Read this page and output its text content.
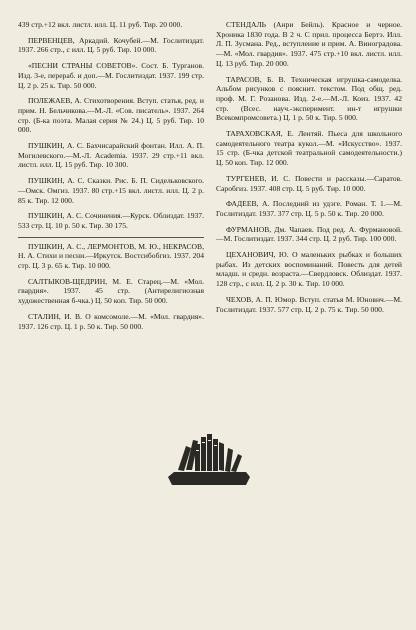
439 стр.+12 вкл. листл. илл. Ц. 11 руб. Тир. 20 000.

ПЕРВЕНЦЕВ, Аркадий. Кочубей.—М. Гослитиздат. 1937. 266 стр., с илл. Ц. 5 руб. Тир. 10 000.

«ПЕСНИ СТРАНЫ СОВЕТОВ». Сост. Б. Турганов. Изд. 3-е, перераб. и доп.—М. Гослитиздат. 1937. 199 стр. Ц. 2 р. 25 к. Тир. 50 000.

ПОЛЕЖАЕВ, А. Стихотворения. Вступ. статья, ред. и прим. Н. Бельчикова.—М.-Л. «Сов. писатель». 1937. 264 стр. (Б-ка поэта. Малая серия № 24.) Ц. 5 руб. Тир. 10 000.

ПУШКИН, А. С. Бахчисарайский фонтан. Илл. А. П. Могилевского.—М.-Л. Academia. 1937. 29 стр.+11 вкл. листл. илл. Ц. 15 руб. Тир. 10 300.

ПУШКИН, А. С. Сказки. Рис. Б. П. Сидельковского.—Омск. Омгиз. 1937. 80 стр.+15 вкл. листл. илл. Ц. 2 р. 85 к. Тир. 12 000.

ПУШКИН, А. С. Сочинения.—Курск. Облиздат. 1937. 533 стр. Ц. 10 р. 50 к. Тир. 30 175.

ПУШКИН, А. С., ЛЕРМОНТОВ, М. Ю., НЕКРАСОВ, Н. А. Стихи и песни.—Иркутск. Востсибобгиз. 1937. 204 стр. Ц. 3 р. 65 к. Тир. 10 000.

САЛТЫКОВ-ЩЕДРИН, М. Е. Старец.—М. «Мол. гвардия». 1937. 45 стр. (Антирелигиозная художественная б-чка.) Ц. 50 коп. Тир. 50 000.

СТАЛИН, И. В. О комсомоле.—М. «Мол. гвардия». 1937. 126 стр. Ц. 1 р. 50 к. Тир. 50 000.

СТЕНДАЛЬ (Анри Бейль). Красное и черное. Хроника 1830 года. В 2 ч. С прил. процесса Бертэ. Илл. Л. П. Зусмана. Ред., вступление и прим. А. Виноградова.—М. «Мол. гвардия». 1937. 475 стр.+10 вкл. листл. илл. Ц. 13 руб. Тир. 20 000.

ТАРАСОВ, Б. В. Техническая игрушка-самоделка. Альбом рисунков с пояснит. текстом. Под общ. ред. проф. М. Г. Розанова. Изд. 2-е.—М.-Л. Коиз. 1937. 42 стр. (Всес. науч.-эксперимент. ин-т игрушки Всекомпромсовета.) Ц. 1 р. 50 к. Тир. 5 000.

ТАРАХОВСКАЯ, Е. Лентяй. Пьеса для школьного самодеятельного театра кукол.—М. «Искусство». 1937. 15 стр. (Б-чка детской театральной самодеятельности.) Ц. 50 коп. Тир. 12 000.

ТУРГЕНЕВ, И. С. Повести и рассказы.—Саратов. Саробгиз. 1937. 408 стр. Ц. 5 руб. Тир. 10 000.

ФАДЕЕВ, А. Последний из удэге. Роман. Т. 1.—М. Гослитиздат. 1937. 377 стр. Ц. 5 р. 50 к. Тир. 20 000.

ФУРМАНОВ, Дм. Чапаев. Под ред. А. Фурмановой.—М. Гослитиздат. 1937. 344 стр. Ц. 2 руб. Тир. 100 000.

ЦЕХАНОВИЧ, Ю. О маленьких рыбках и больших рыбах. Из детских воспоминаний. Повесть для детей младш. и средн. возраста.—Свердловск. Облиздат. 1937. 128 стр., с илл. Ц. 2 р. 30 к. Тир. 10 000.

ЧЕХОВ, А. П. Юмор. Вступ. статья М. Юнович.—М. Гослитиздат. 1937. 577 стр. Ц. 2 р. 75 к. Тир. 50 000.
